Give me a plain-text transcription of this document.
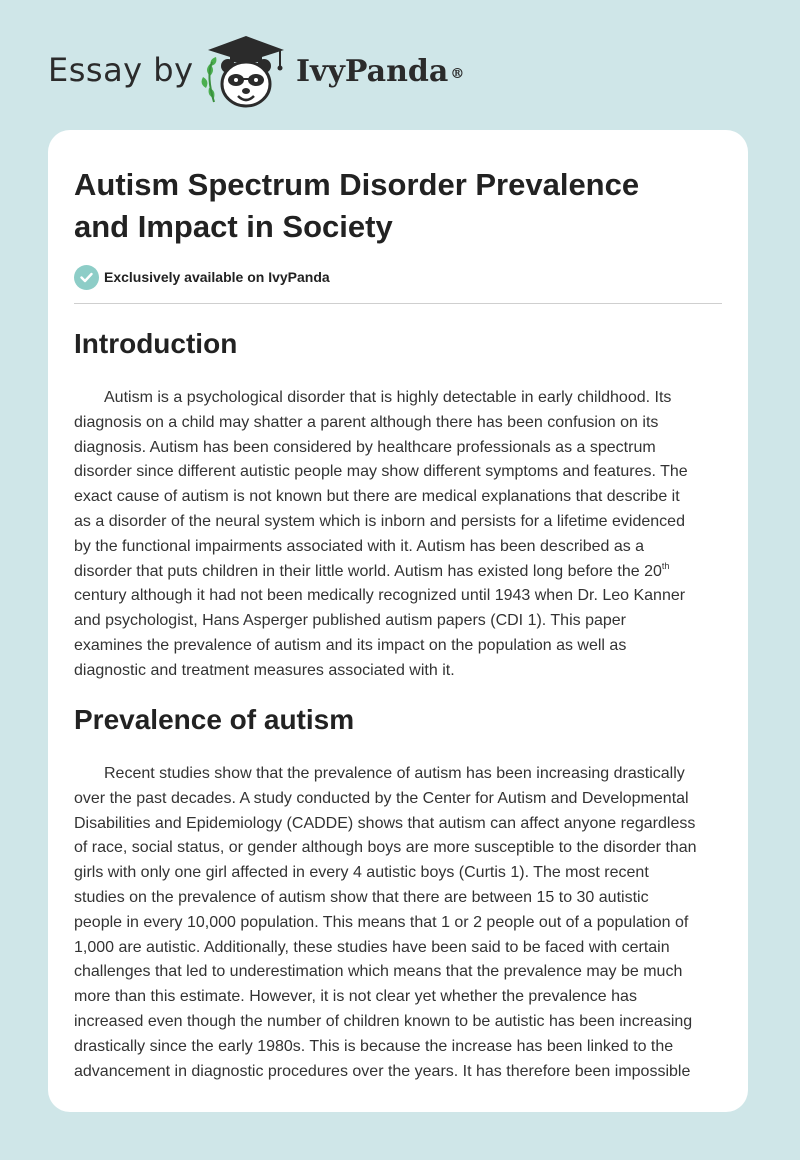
Essay by	IvyPanda ®
Autism Spectrum Disorder Prevalence
and Impact in Society
Exclusively available on IvyPanda
Introduction
Autism is a psychological disorder that is highly detectable in early childhood. Its
diagnosis on a child may shatter a parent although there has been confusion on its
diagnosis. Autism has been considered by healthcare professionals as a spectrum
disorder since different autistic people may show different symptoms and features. The
exact cause of autism is not known but there are medical explanations that describe it
as a disorder of the neural system which is inborn and persists for a lifetime evidenced
by the functional impairments associated with it. Autism has been described as a
disorder that puts children in their little world. Autism has existed long before the 20th
century although it had not been medically recognized until 1943 when Dr. Leo Kanner
and psychologist, Hans Asperger published autism papers (CDI 1). This paper
examines the prevalence of autism and its impact on the population as well as
diagnostic and treatment measures associated with it.
Prevalence of autism
Recent studies show that the prevalence of autism has been increasing drastically
over the past decades. A study conducted by the Center for Autism and Developmental
Disabilities and Epidemiology (CADDE) shows that autism can affect anyone regardless
of race, social status, or gender although boys are more susceptible to the disorder than
girls with only one girl affected in every 4 autistic boys (Curtis 1). The most recent
studies on the prevalence of autism show that there are between 15 to 30 autistic
people in every 10,000 population. This means that 1 or 2 people out of a population of
1,000 are autistic. Additionally, these studies have been said to be faced with certain
challenges that led to underestimation which means that the prevalence may be much
more than this estimate. However, it is not clear yet whether the prevalence has
increased even though the number of children known to be autistic has been increasing
drastically since the early 1980s. This is because the increase has been linked to the
advancement in diagnostic procedures over the years. It has therefore been impossible
